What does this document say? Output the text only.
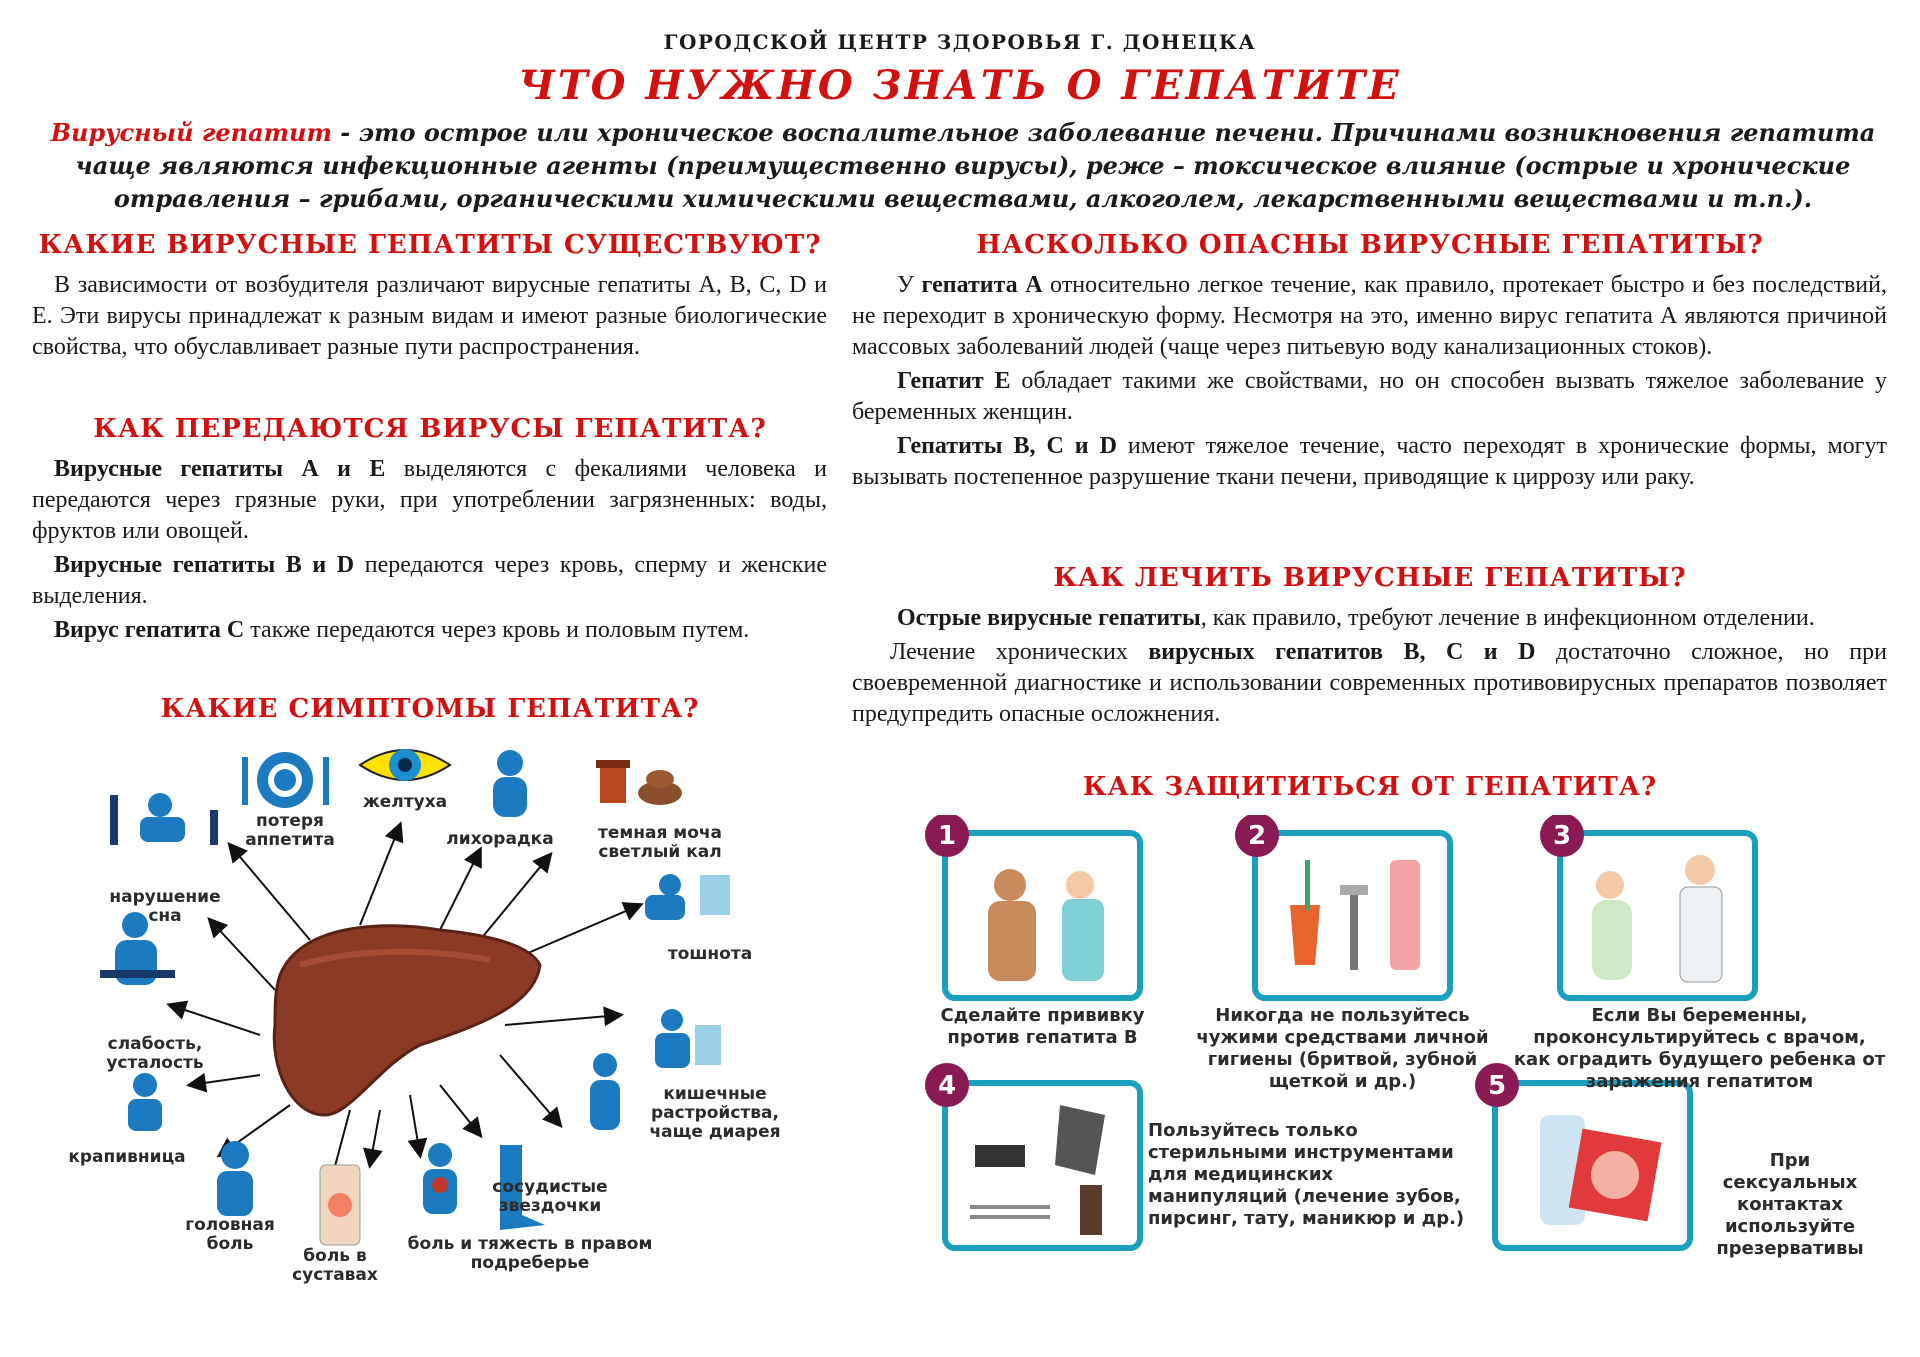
ГОРОДСКОЙ ЦЕНТР ЗДОРОВЬЯ Г. ДОНЕЦКА
ЧТО НУЖНО ЗНАТЬ О ГЕПАТИТЕ
Вирусный гепатит - это острое или хроническое воспалительное заболевание печени. Причинами возникновения гепатита чаще являются инфекционные агенты (преимущественно вирусы), реже – токсическое влияние (острые и хронические отравления – грибами, органическими химическими веществами, алкоголем, лекарственными веществами и т.п.).
КАКИЕ ВИРУСНЫЕ ГЕПАТИТЫ СУЩЕСТВУЮТ?

В зависимости от возбудителя различают вирусные гепатиты A, B, C, D и E. Эти вирусы принадлежат к разным видам и имеют разные биологические свойства, что обуславливает разные пути распространения.

КАК ПЕРЕДАЮТСЯ ВИРУСЫ ГЕПАТИТА?

Вирусные гепатиты А и Е выделяются с фекалиями человека и передаются через грязные руки, при употреблении загрязненных: воды, фруктов или овощей.

Вирусные гепатиты В и D передаются через кровь, сперму и женские выделения.

Вирус гепатита С также передаются через кровь и половым путем.

КАКИЕ СИМПТОМЫ ГЕПАТИТА?
потеря аппетита
желтуха
лихорадка	темная моча светлый кал
нарушение сна
тошнота
слабость, усталость
кишечные растройства, чаще диарея
крапивница
сосудистые звездочки
головная боль
боль в суставах
боль и тяжесть в правом подреберье
НАСКОЛЬКО ОПАСНЫ ВИРУСНЫЕ ГЕПАТИТЫ?

У гепатита А относительно легкое течение, как правило, протекает быстро и без последствий, не переходит в хроническую форму. Несмотря на это, именно вирус гепатита А являются причиной массовых заболеваний людей (чаще через питьевую воду канализационных стоков).

Гепатит Е обладает такими же свойствами, но он способен вызвать тяжелое заболевание у беременных женщин.

Гепатиты В, С и D имеют тяжелое течение, часто переходят в хронические формы, могут вызывать постепенное разрушение ткани печени, приводящие к циррозу или раку.

КАК ЛЕЧИТЬ ВИРУСНЫЕ ГЕПАТИТЫ?

Острые вирусные гепатиты, как правило, требуют лечение в инфекционном отделении.

Лечение хронических вирусных гепатитов В, С и D достаточно сложное, но при своевременной диагностике и использовании современных противовирусных препаратов позволяет предупредить опасные осложнения.

КАК ЗАЩИТИТЬСЯ ОТ ГЕПАТИТА?
1	2	3
4	5
Сделайте прививку против гепатита В
Никогда не пользуйтесь чужими средствами личной гигиены (бритвой, зубной щеткой и др.)
Если Вы беременны, проконсультируйтесь с врачом, как оградить будущего ребенка от заражения гепатитом
Пользуйтесь только стерильными инструментами для медицинских манипуляций (лечение зубов, пирсинг, тату, маникюр и др.)
При сексуальных контактах используйте презервативы
